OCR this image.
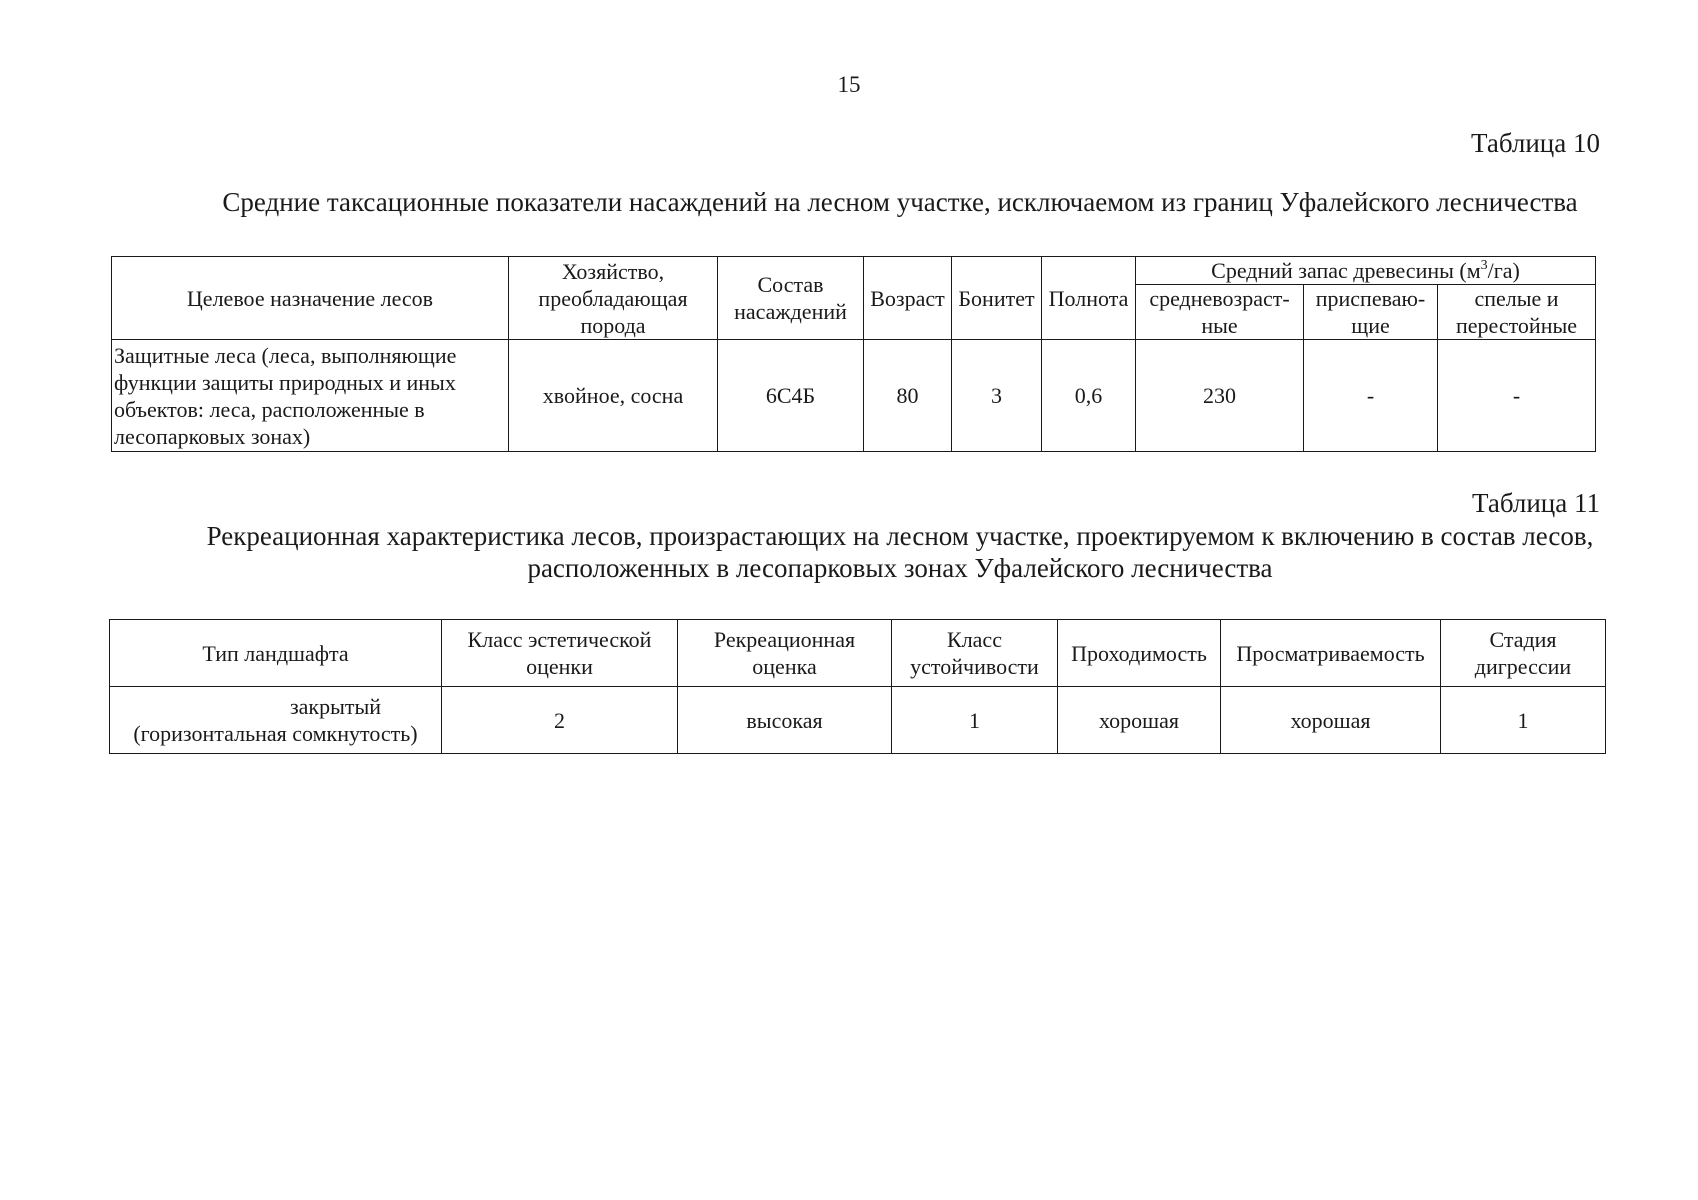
15
Таблица 10
Средние таксационные показатели насаждений на лесном участке, исключаемом из границ Уфалейского лесничества
Целевое назначение лесов	Хозяйство, преобладающая порода	Состав насаждений	Возраст	Бонитет	Полнота	Средний запас древесины $(м^3/га)$		
						средневозраст-ные	приспеваю-щие	спелые и перестойные
Защитные леса (леса, выполняющие функции защиты природных и иных объектов: леса, расположенные в лесопарковых зонах)	хвойное, сосна	6С4Б	80	3	0,6	230	-	-
Таблица 11
Рекреационная характеристика лесов, произрастающих на лесном участке, проектируемом к включению в состав лесов, расположенных в лесопарковых зонах Уфалейского лесничества
Тип ландшафта	Класс эстетической оценки	Рекреационная оценка	Класс устойчивости	Проходимость	Просматриваемость	Стадия дигрессии

закрытый
(горизонтальная сомкнутость)	2	высокая	1	хорошая	хорошая	1
